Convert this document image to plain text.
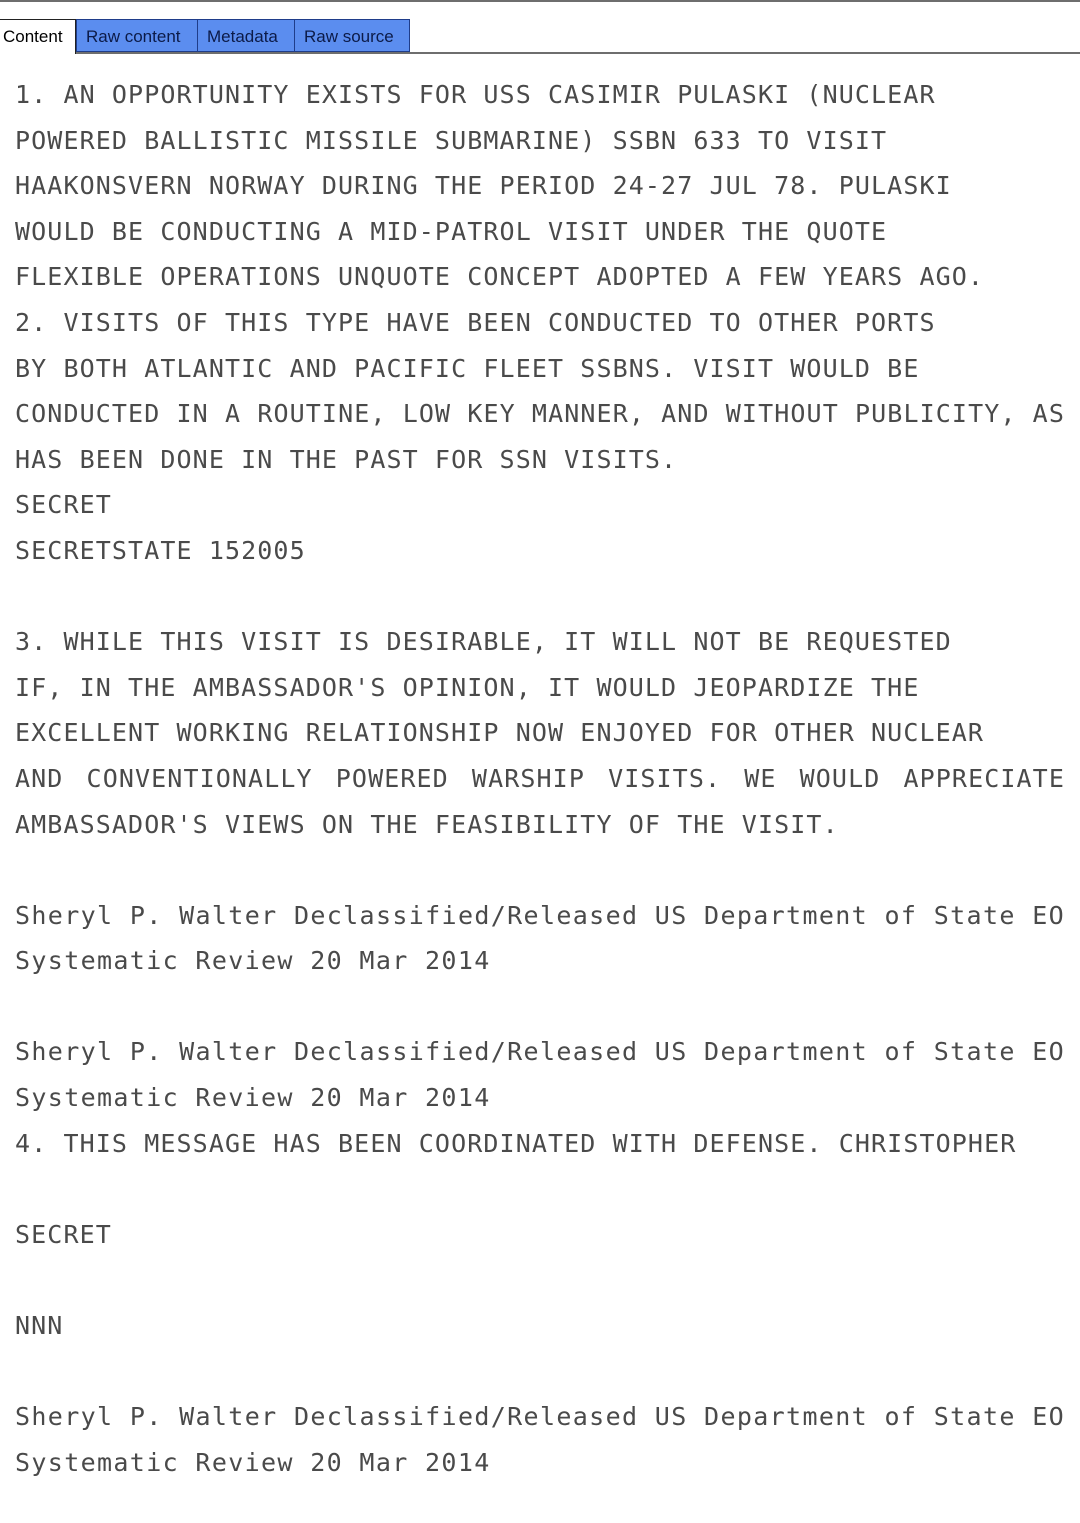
Content	Raw content	Metadata	Raw source
1. AN OPPORTUNITY EXISTS FOR USS CASIMIR PULASKI (NUCLEAR
POWERED BALLISTIC MISSILE SUBMARINE) SSBN 633 TO VISIT
HAAKONSVERN NORWAY DURING THE PERIOD 24-27 JUL 78. PULASKI
WOULD BE CONDUCTING A MID-PATROL VISIT UNDER THE QUOTE
FLEXIBLE OPERATIONS UNQUOTE CONCEPT ADOPTED A FEW YEARS AGO.
2. VISITS OF THIS TYPE HAVE BEEN CONDUCTED TO OTHER PORTS
BY BOTH ATLANTIC AND PACIFIC FLEET SSBNS. VISIT WOULD BE
CONDUCTED IN A ROUTINE, LOW KEY MANNER, AND WITHOUT PUBLICITY, AS
HAS BEEN DONE IN THE PAST FOR SSN VISITS.
SECRET
SECRETSTATE 152005
3. WHILE THIS VISIT IS DESIRABLE, IT WILL NOT BE REQUESTED
IF, IN THE AMBASSADOR'S OPINION, IT WOULD JEOPARDIZE THE
EXCELLENT WORKING RELATIONSHIP NOW ENJOYED FOR OTHER NUCLEAR
AND CONVENTIONALLY POWERED WARSHIP VISITS. WE WOULD APPRECIATE
AMBASSADOR'S VIEWS ON THE FEASIBILITY OF THE VISIT.
Sheryl P. Walter Declassified/Released US Department of State EO
Systematic Review 20 Mar 2014
Sheryl P. Walter Declassified/Released US Department of State EO
Systematic Review 20 Mar 2014
4. THIS MESSAGE HAS BEEN COORDINATED WITH DEFENSE. CHRISTOPHER
SECRET
NNN
Sheryl P. Walter Declassified/Released US Department of State EO
Systematic Review 20 Mar 2014
